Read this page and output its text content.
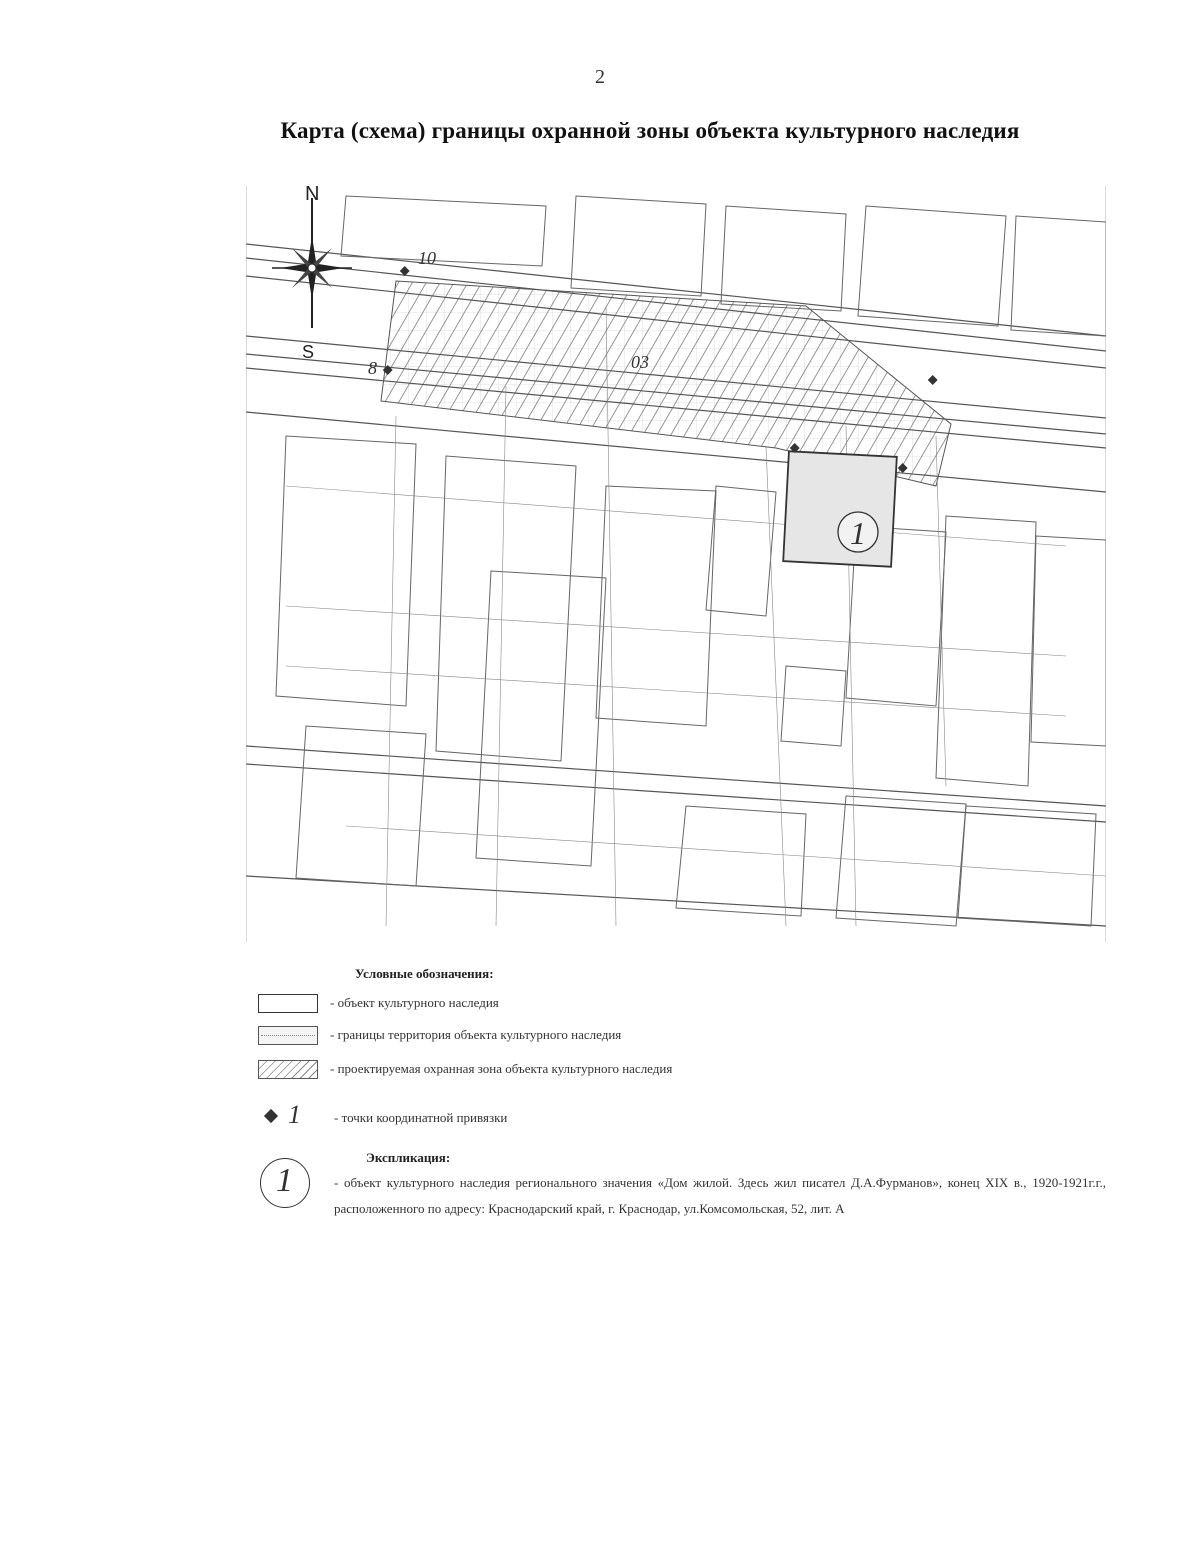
2
Карта (схема) границы охранной зоны объекта культурного наследия
1
10
8	03
N
S
Условные обозначения:
- объект культурного наследия
- границы территория объекта культурного наследия
- проектируемая охранная зона объекта культурного наследия
1	- точки координатной привязки
Экспликация:
1	- объект культурного наследия регионального значения «Дом жилой. Здесь жил писател Д.А.Фурманов», конец XIX в., 1920-1921г.г., расположенного по адресу: Краснодарский край, г. Краснодар, ул.Комсомольская, 52, лит. А
